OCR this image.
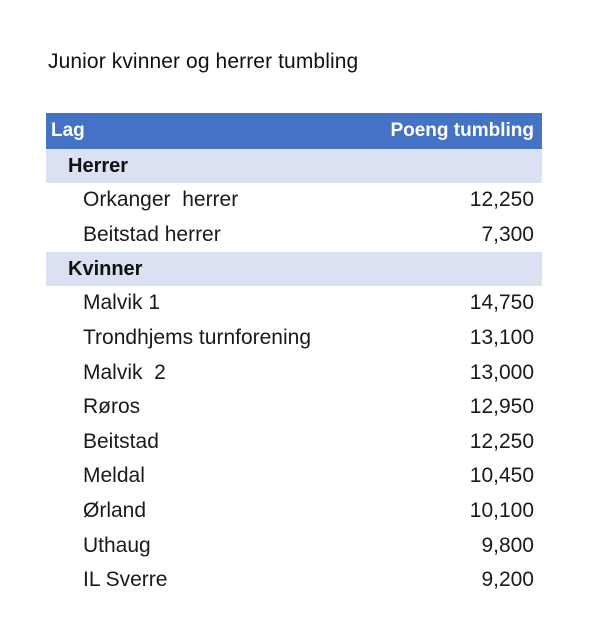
Junior kvinner og herrer tumbling
Lag	Poeng tumbling
Herrer
Orkanger  herrer	12,250
Beitstad herrer	7,300
Kvinner
Malvik 1	14,750
Trondhjems turnforening	13,100
Malvik  2	13,000
Røros	12,950
Beitstad	12,250
Meldal	10,450
Ørland	10,100
Uthaug	9,800
IL Sverre	9,200
